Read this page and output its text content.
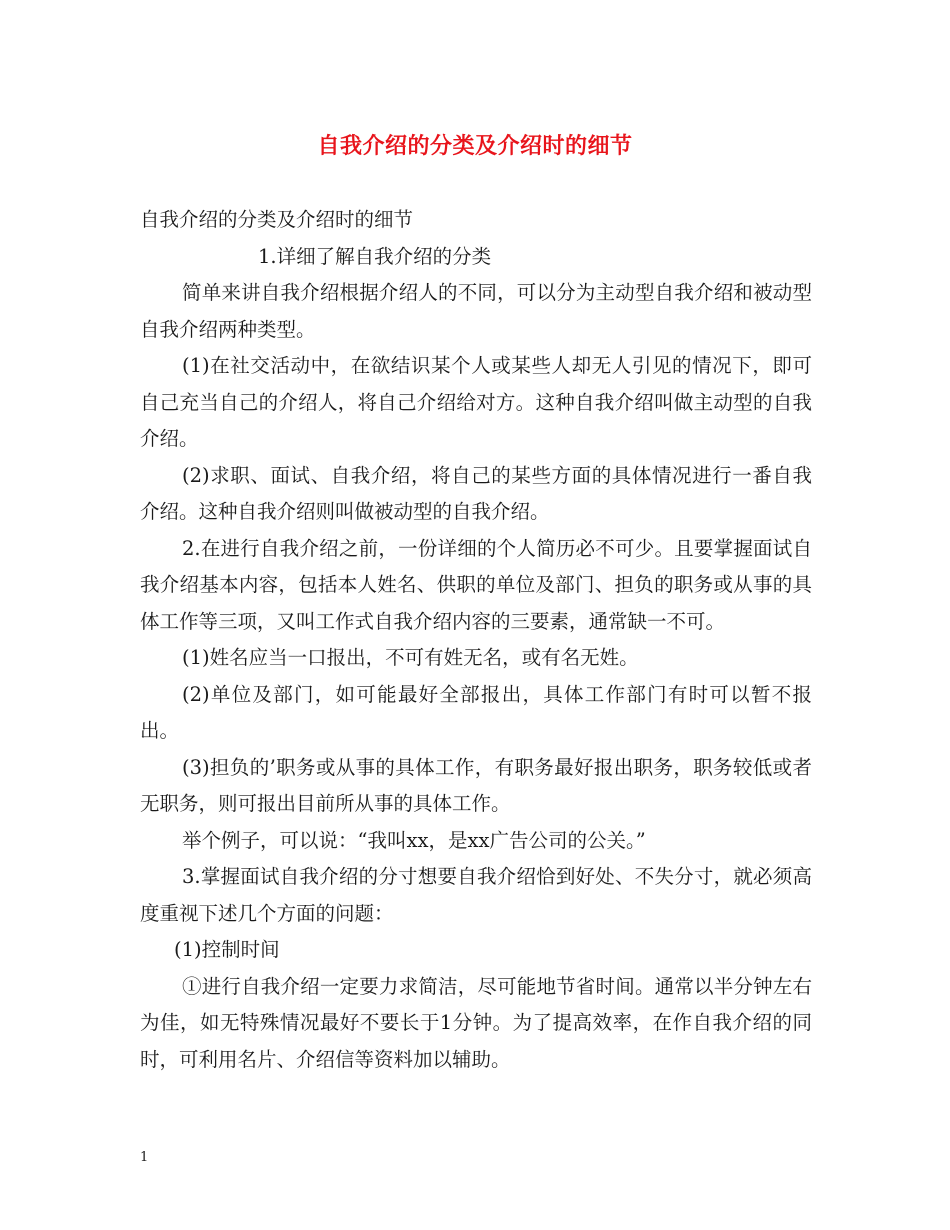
自我介绍的分类及介绍时的细节

自我介绍的分类及介绍时的细节

1.详细了解自我介绍的分类

简单来讲自我介绍根据介绍人的不同，可以分为主动型自我介绍和被动型自我介绍两种类型。

(1)在社交活动中，在欲结识某个人或某些人却无人引见的情况下，即可自己充当自己的介绍人，将自己介绍给对方。这种自我介绍叫做主动型的自我介绍。

(2)求职、面试、自我介绍，将自己的某些方面的具体情况进行一番自我介绍。这种自我介绍则叫做被动型的自我介绍。

2.在进行自我介绍之前，一份详细的个人简历必不可少。且要掌握面试自我介绍基本内容，包括本人姓名、供职的单位及部门、担负的职务或从事的具体工作等三项，又叫工作式自我介绍内容的三要素，通常缺一不可。

(1)姓名应当一口报出，不可有姓无名，或有名无姓。

(2)单位及部门，如可能最好全部报出，具体工作部门有时可以暂不报出。

(3)担负的’职务或从事的具体工作，有职务最好报出职务，职务较低或者无职务，则可报出目前所从事的具体工作。

举个例子，可以说：“我叫xx，是xx广告公司的公关。”

3.掌握面试自我介绍的分寸想要自我介绍恰到好处、不失分寸，就必须高度重视下述几个方面的问题：

(1)控制时间

①进行自我介绍一定要力求简洁，尽可能地节省时间。通常以半分钟左右为佳，如无特殊情况最好不要长于1分钟。为了提高效率，在作自我介绍的同时，可利用名片、介绍信等资料加以辅助。

1
